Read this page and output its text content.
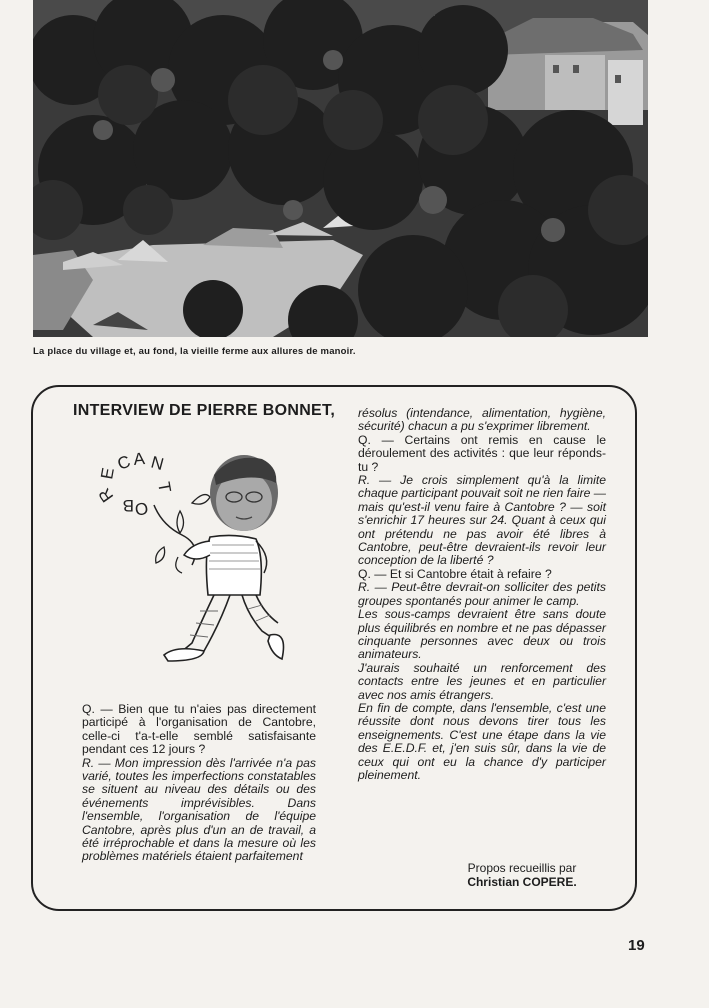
La place du village et, au fond, la vieille ferme aux allures de manoir.
INTERVIEW DE PIERRE BONNET,
C A N
T
O
B
R
E

Q. — Bien que tu n'aies pas directement participé à l'organisation de Cantobre, celle-ci t'a-t-elle semblé satisfaisante pendant ces 12 jours ?

R. — Mon impression dès l'arrivée n'a pas varié, toutes les imperfections constatables se situent au niveau des détails ou des événements imprévisibles. Dans l'ensemble, l'organisation de l'équipe Cantobre, après plus d'un an de travail, a été irréprochable et dans la mesure où les problèmes matériels étaient parfaitement

résolus (intendance, alimentation, hygiène, sécurité) chacun a pu s'exprimer librement.

Q. — Certains ont remis en cause le déroulement des activités : que leur réponds-tu ?

R. — Je crois simplement qu'à la limite chaque participant pouvait soit ne rien faire — mais qu'est-il venu faire à Cantobre ? — soit s'enrichir 17 heures sur 24. Quant à ceux qui ont prétendu ne pas avoir été libres à Cantobre, peut-être devraient-ils revoir leur conception de la liberté ?

Q. — Et si Cantobre était à refaire ?

R. — Peut-être devrait-on solliciter des petits groupes spontanés pour animer le camp.

Les sous-camps devraient être sans doute plus équilibrés en nombre et ne pas dépasser cinquante personnes avec deux ou trois animateurs.

J'aurais souhaité un renforcement des contacts entre les jeunes et en particulier avec nos amis étrangers.

En fin de compte, dans l'ensemble, c'est une réussite dont nous devons tirer tous les enseignements. C'est une étape dans la vie des E.E.D.F. et, j'en suis sûr, dans la vie de ceux qui ont eu la chance d'y participer pleinement.

Propos recueillis par
Christian COPERE.
19
